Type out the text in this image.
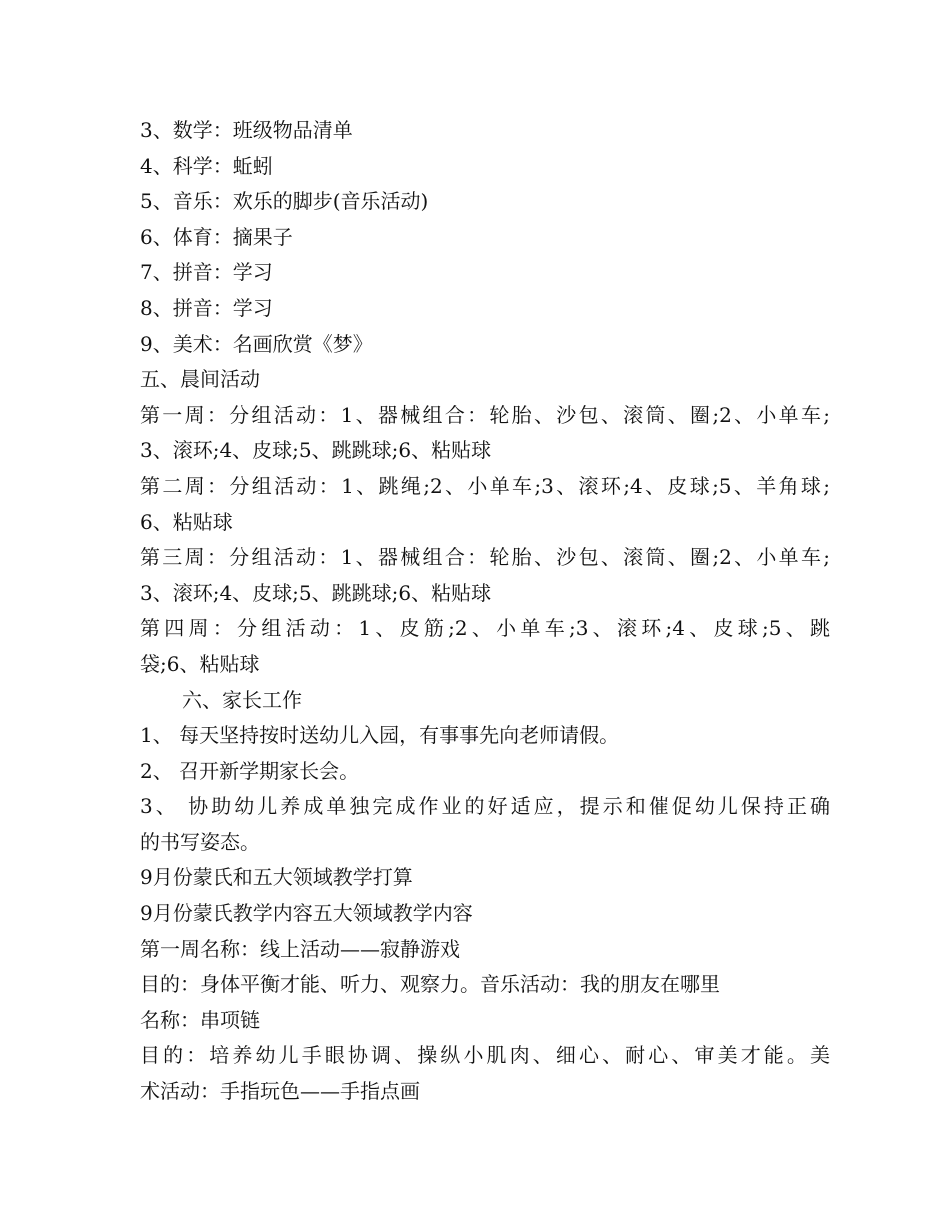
3、数学：班级物品清单
4、科学：蚯蚓
5、音乐：欢乐的脚步(音乐活动)
6、体育：摘果子
7、拼音：学习
8、拼音：学习
9、美术：名画欣赏《梦》
五、晨间活动
第一周：分组活动：1、器械组合：轮胎、沙包、滚筒、圈;2、小单车;
3、滚环;4、皮球;5、跳跳球;6、粘贴球
第二周：分组活动：1、跳绳;2、小单车;3、滚环;4、皮球;5、羊角球;
6、粘贴球
第三周：分组活动：1、器械组合：轮胎、沙包、滚筒、圈;2、小单车;
3、滚环;4、皮球;5、跳跳球;6、粘贴球
第四周：分组活动：1、皮筋;2、小单车;3、滚环;4、皮球;5、跳
袋;6、粘贴球
六、家长工作
1、 每天坚持按时送幼儿入园，有事事先向老师请假。
2、 召开新学期家长会。
3、 协助幼儿养成单独完成作业的好适应，提示和催促幼儿保持正确
的书写姿态。
9月份蒙氏和五大领域教学打算
9月份蒙氏教学内容五大领域教学内容
第一周名称：线上活动——寂静游戏
目的：身体平衡才能、听力、观察力。音乐活动：我的朋友在哪里
名称：串项链
目的：培养幼儿手眼协调、操纵小肌肉、细心、耐心、审美才能。美
术活动：手指玩色——手指点画
